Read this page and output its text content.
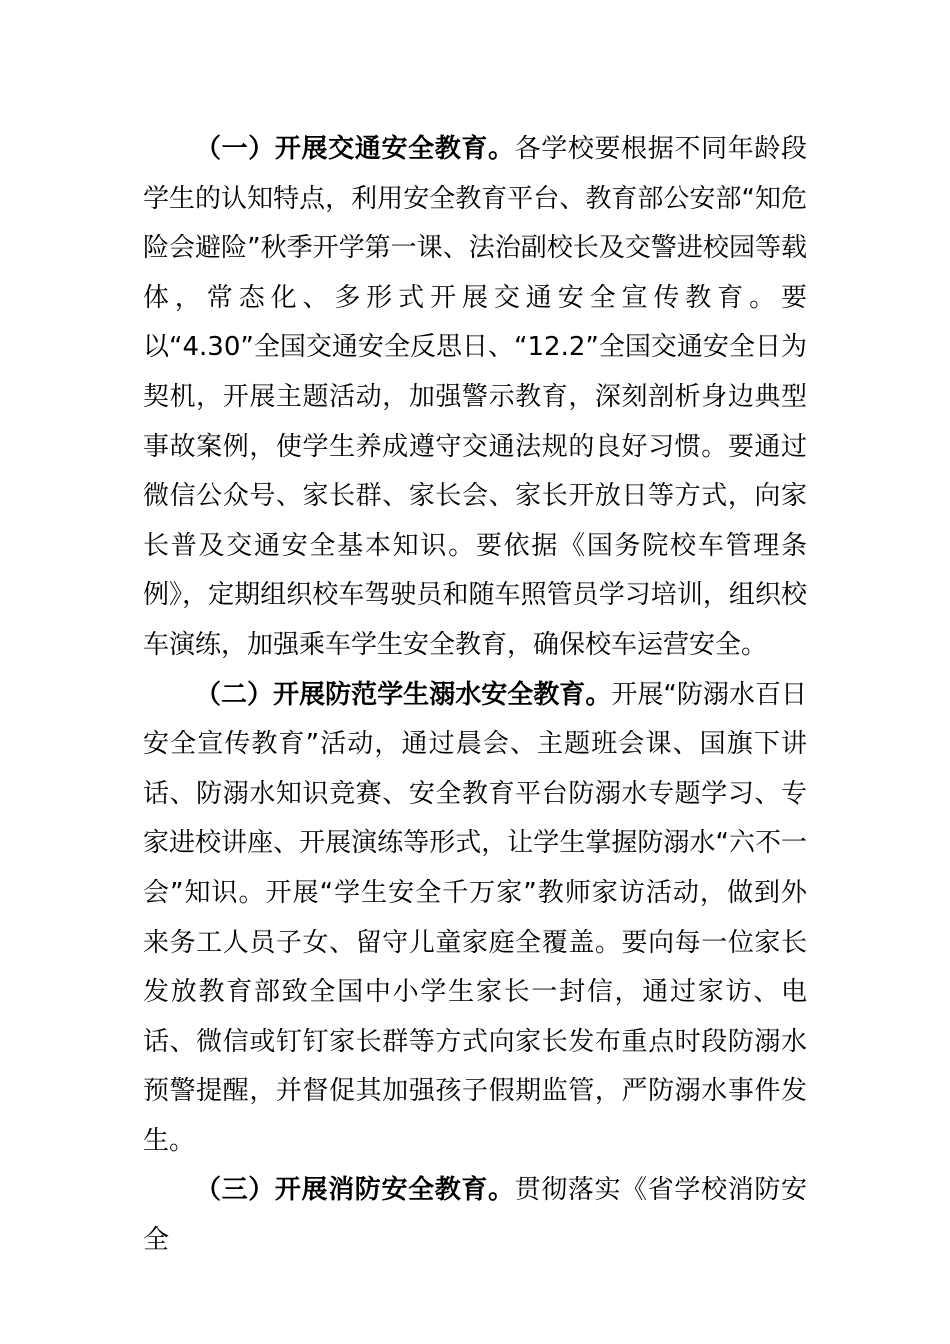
（一）开展交通安全教育。各学校要根据不同年龄段学生的认知特点，利用安全教育平台、教育部公安部“知危险会避险”秋季开学第一课、法治副校长及交警进校园等载体，常态化、多形式开展交通安全宣传教育。要以“4.30”全国交通安全反思日、“12.2”全国交通安全日为契机，开展主题活动，加强警示教育，深刻剖析身边典型事故案例，使学生养成遵守交通法规的良好习惯。要通过微信公众号、家长群、家长会、家长开放日等方式，向家长普及交通安全基本知识。要依据《国务院校车管理条例》，定期组织校车驾驶员和随车照管员学习培训，组织校车演练，加强乘车学生安全教育，确保校车运营安全。

（二）开展防范学生溺水安全教育。开展“防溺水百日安全宣传教育”活动，通过晨会、主题班会课、国旗下讲话、防溺水知识竞赛、安全教育平台防溺水专题学习、专家进校讲座、开展演练等形式，让学生掌握防溺水“六不一会”知识。开展“学生安全千万家”教师家访活动，做到外来务工人员子女、留守儿童家庭全覆盖。要向每一位家长发放教育部致全国中小学生家长一封信，通过家访、电话、微信或钉钉家长群等方式向家长发布重点时段防溺水预警提醒，并督促其加强孩子假期监管，严防溺水事件发生。

（三）开展消防安全教育。贯彻落实《省学校消防安全
